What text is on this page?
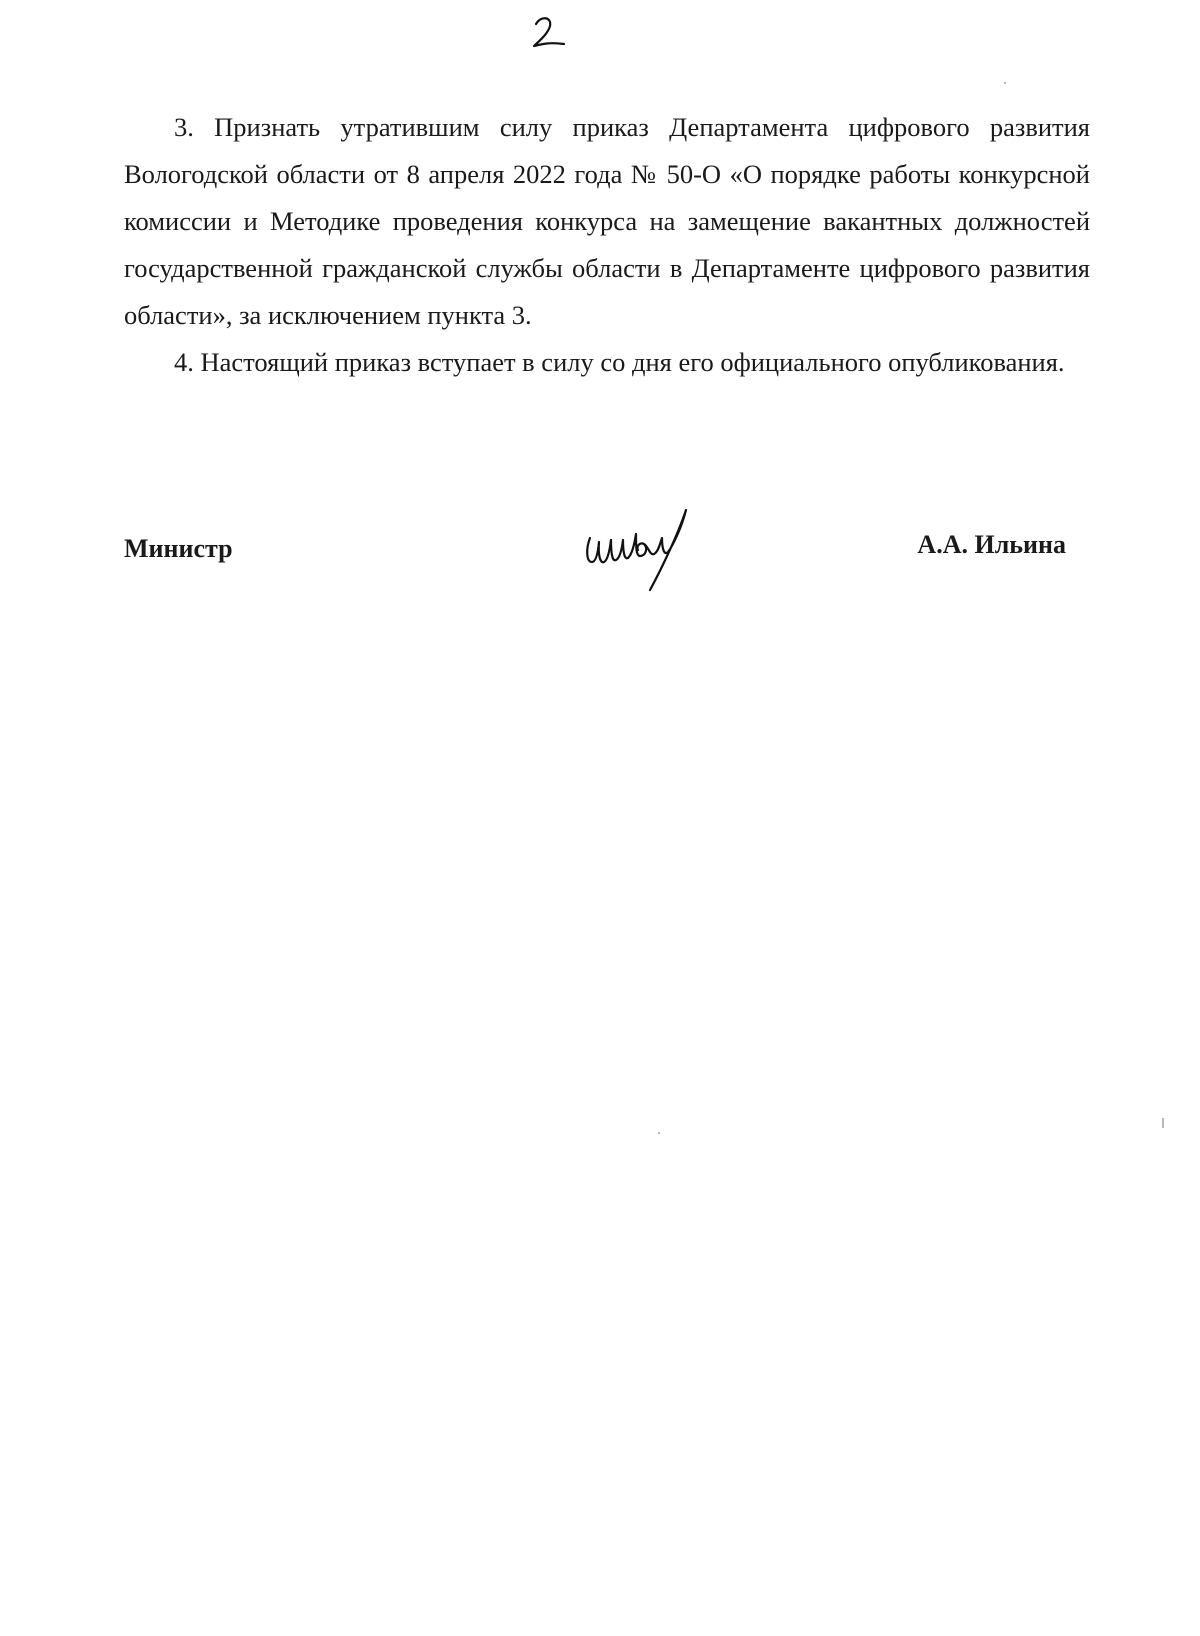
3. Признать утратившим силу приказ Департамента цифрового развития Вологодской области от 8 апреля 2022 года № 50-О «О порядке работы конкурсной комиссии и Методике проведения конкурса на замещение вакантных должностей государственной гражданской службы области в Департаменте цифрового развития области», за исключением пункта 3.

4. Настоящий приказ вступает в силу со дня его официального опубликования.

Министр	А.А. Ильина
